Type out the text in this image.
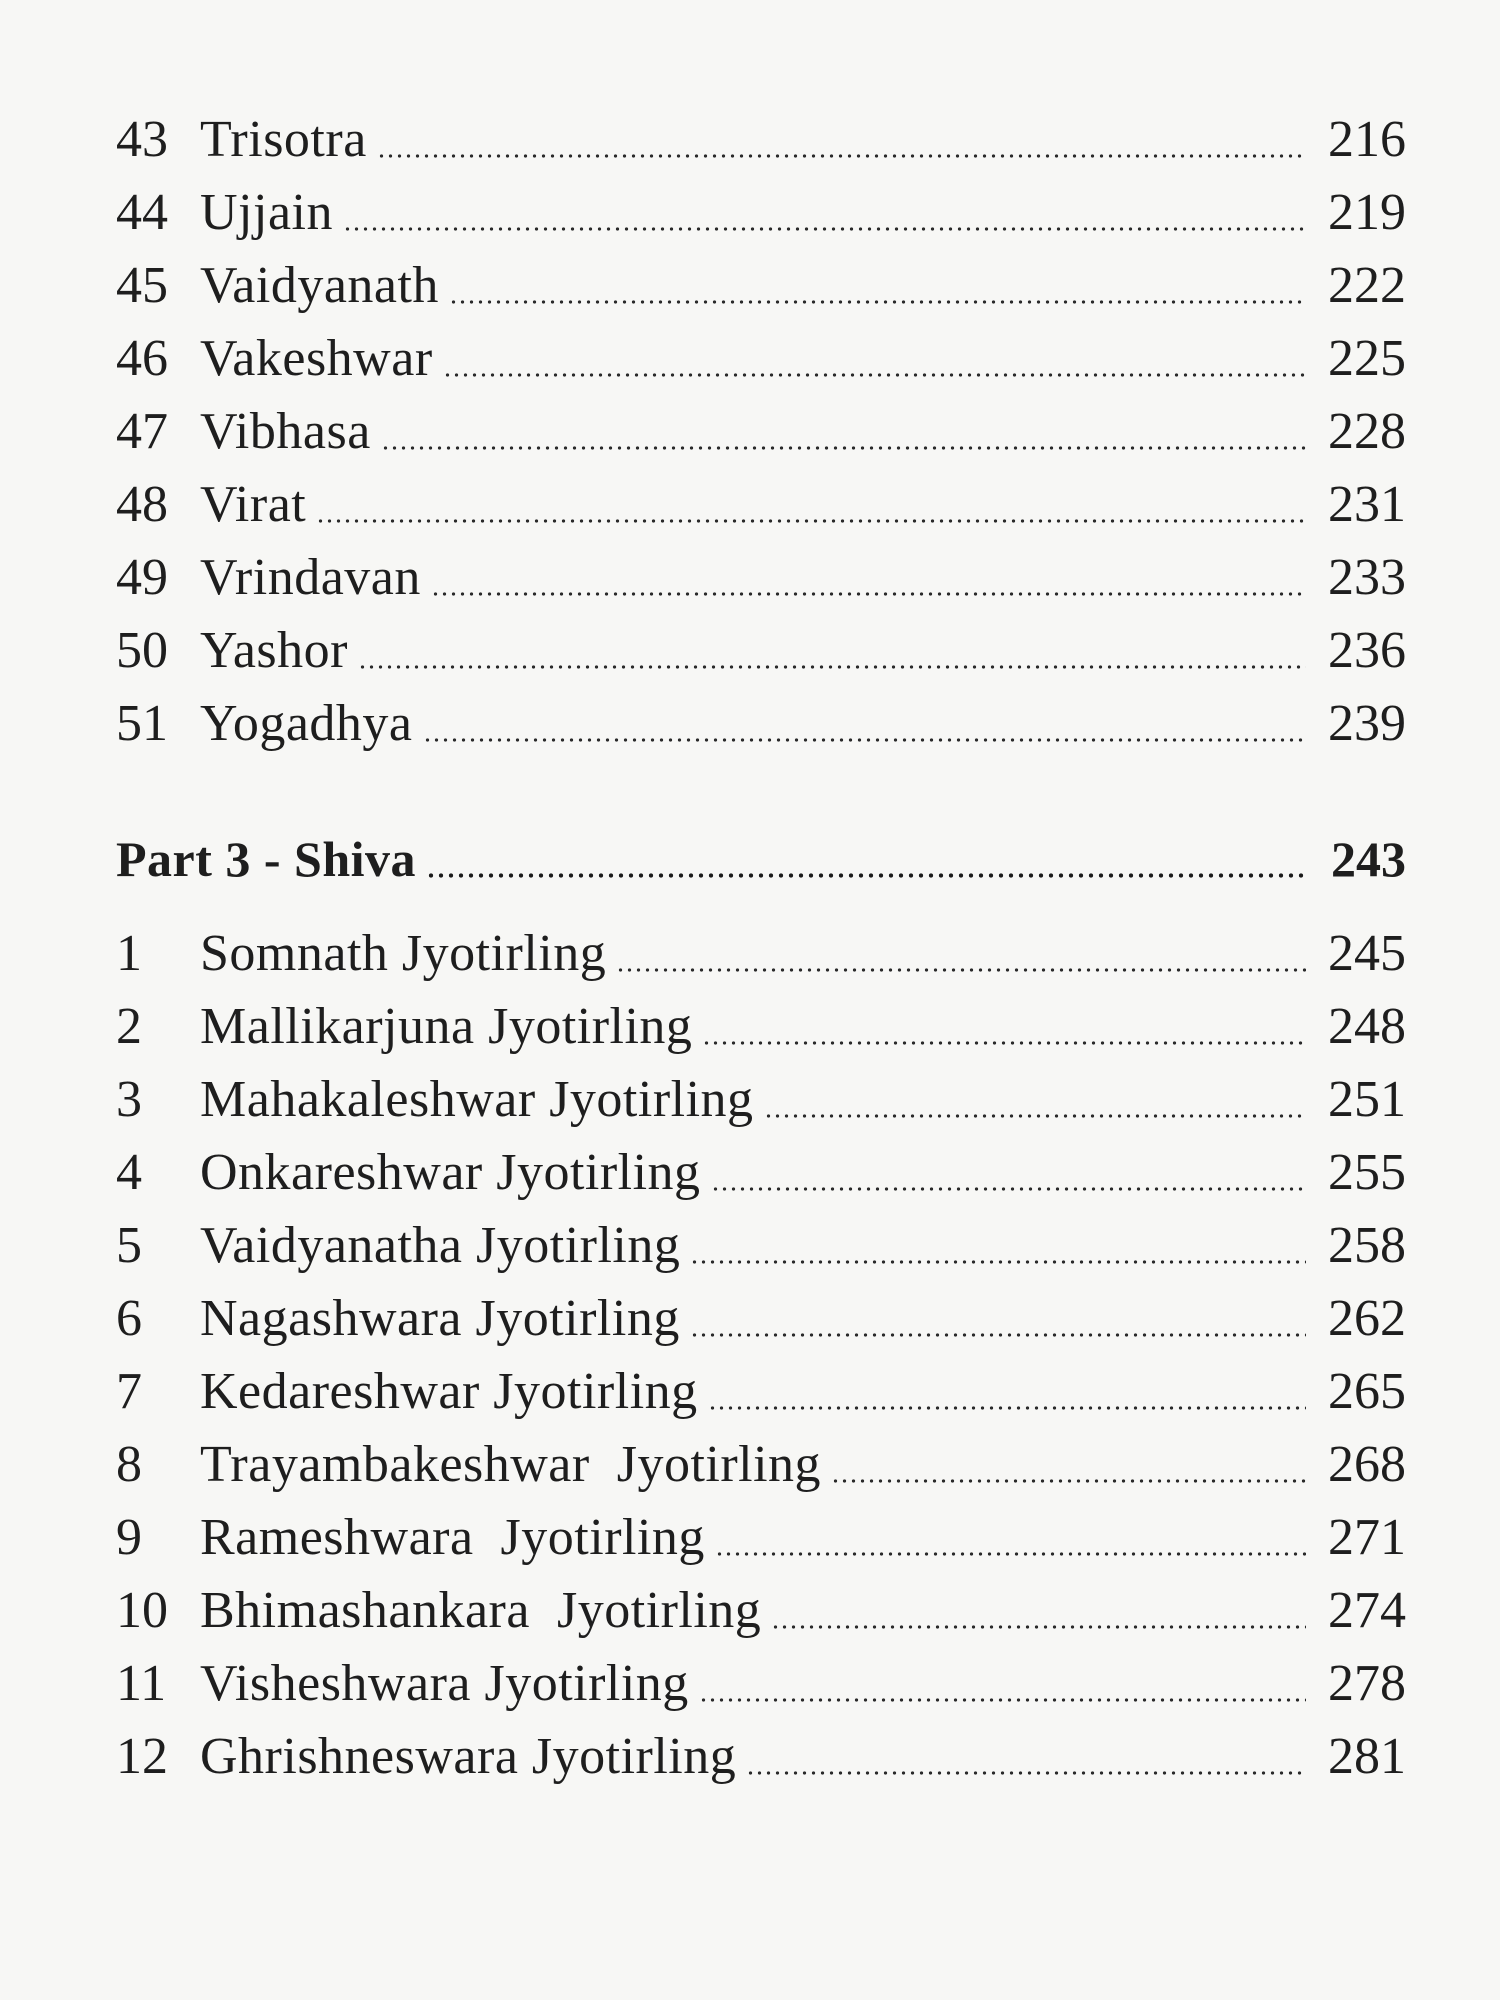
43 Trisotra	216
44 Ujjain	219
45 Vaidyanath	222
46 Vakeshwar	225
47 Vibhasa	228
48 Virat	231
49 Vrindavan	233
50 Yashor	236
51 Yogadhya	239
Part 3 - Shiva	243
1	Somnath Jyotirling	245
2	Mallikarjuna Jyotirling	248
3	Mahakaleshwar Jyotirling	251
4	Onkareshwar Jyotirling	255
5	Vaidyanatha Jyotirling	258
6	Nagashwara Jyotirling	262
7	Kedareshwar Jyotirling	265
8	Trayambakeshwar  Jyotirling	268
9	Rameshwara  Jyotirling	271
10 Bhimashankara  Jyotirling	274
11 Visheshwara Jyotirling	278
12 Ghrishneswara Jyotirling	281
